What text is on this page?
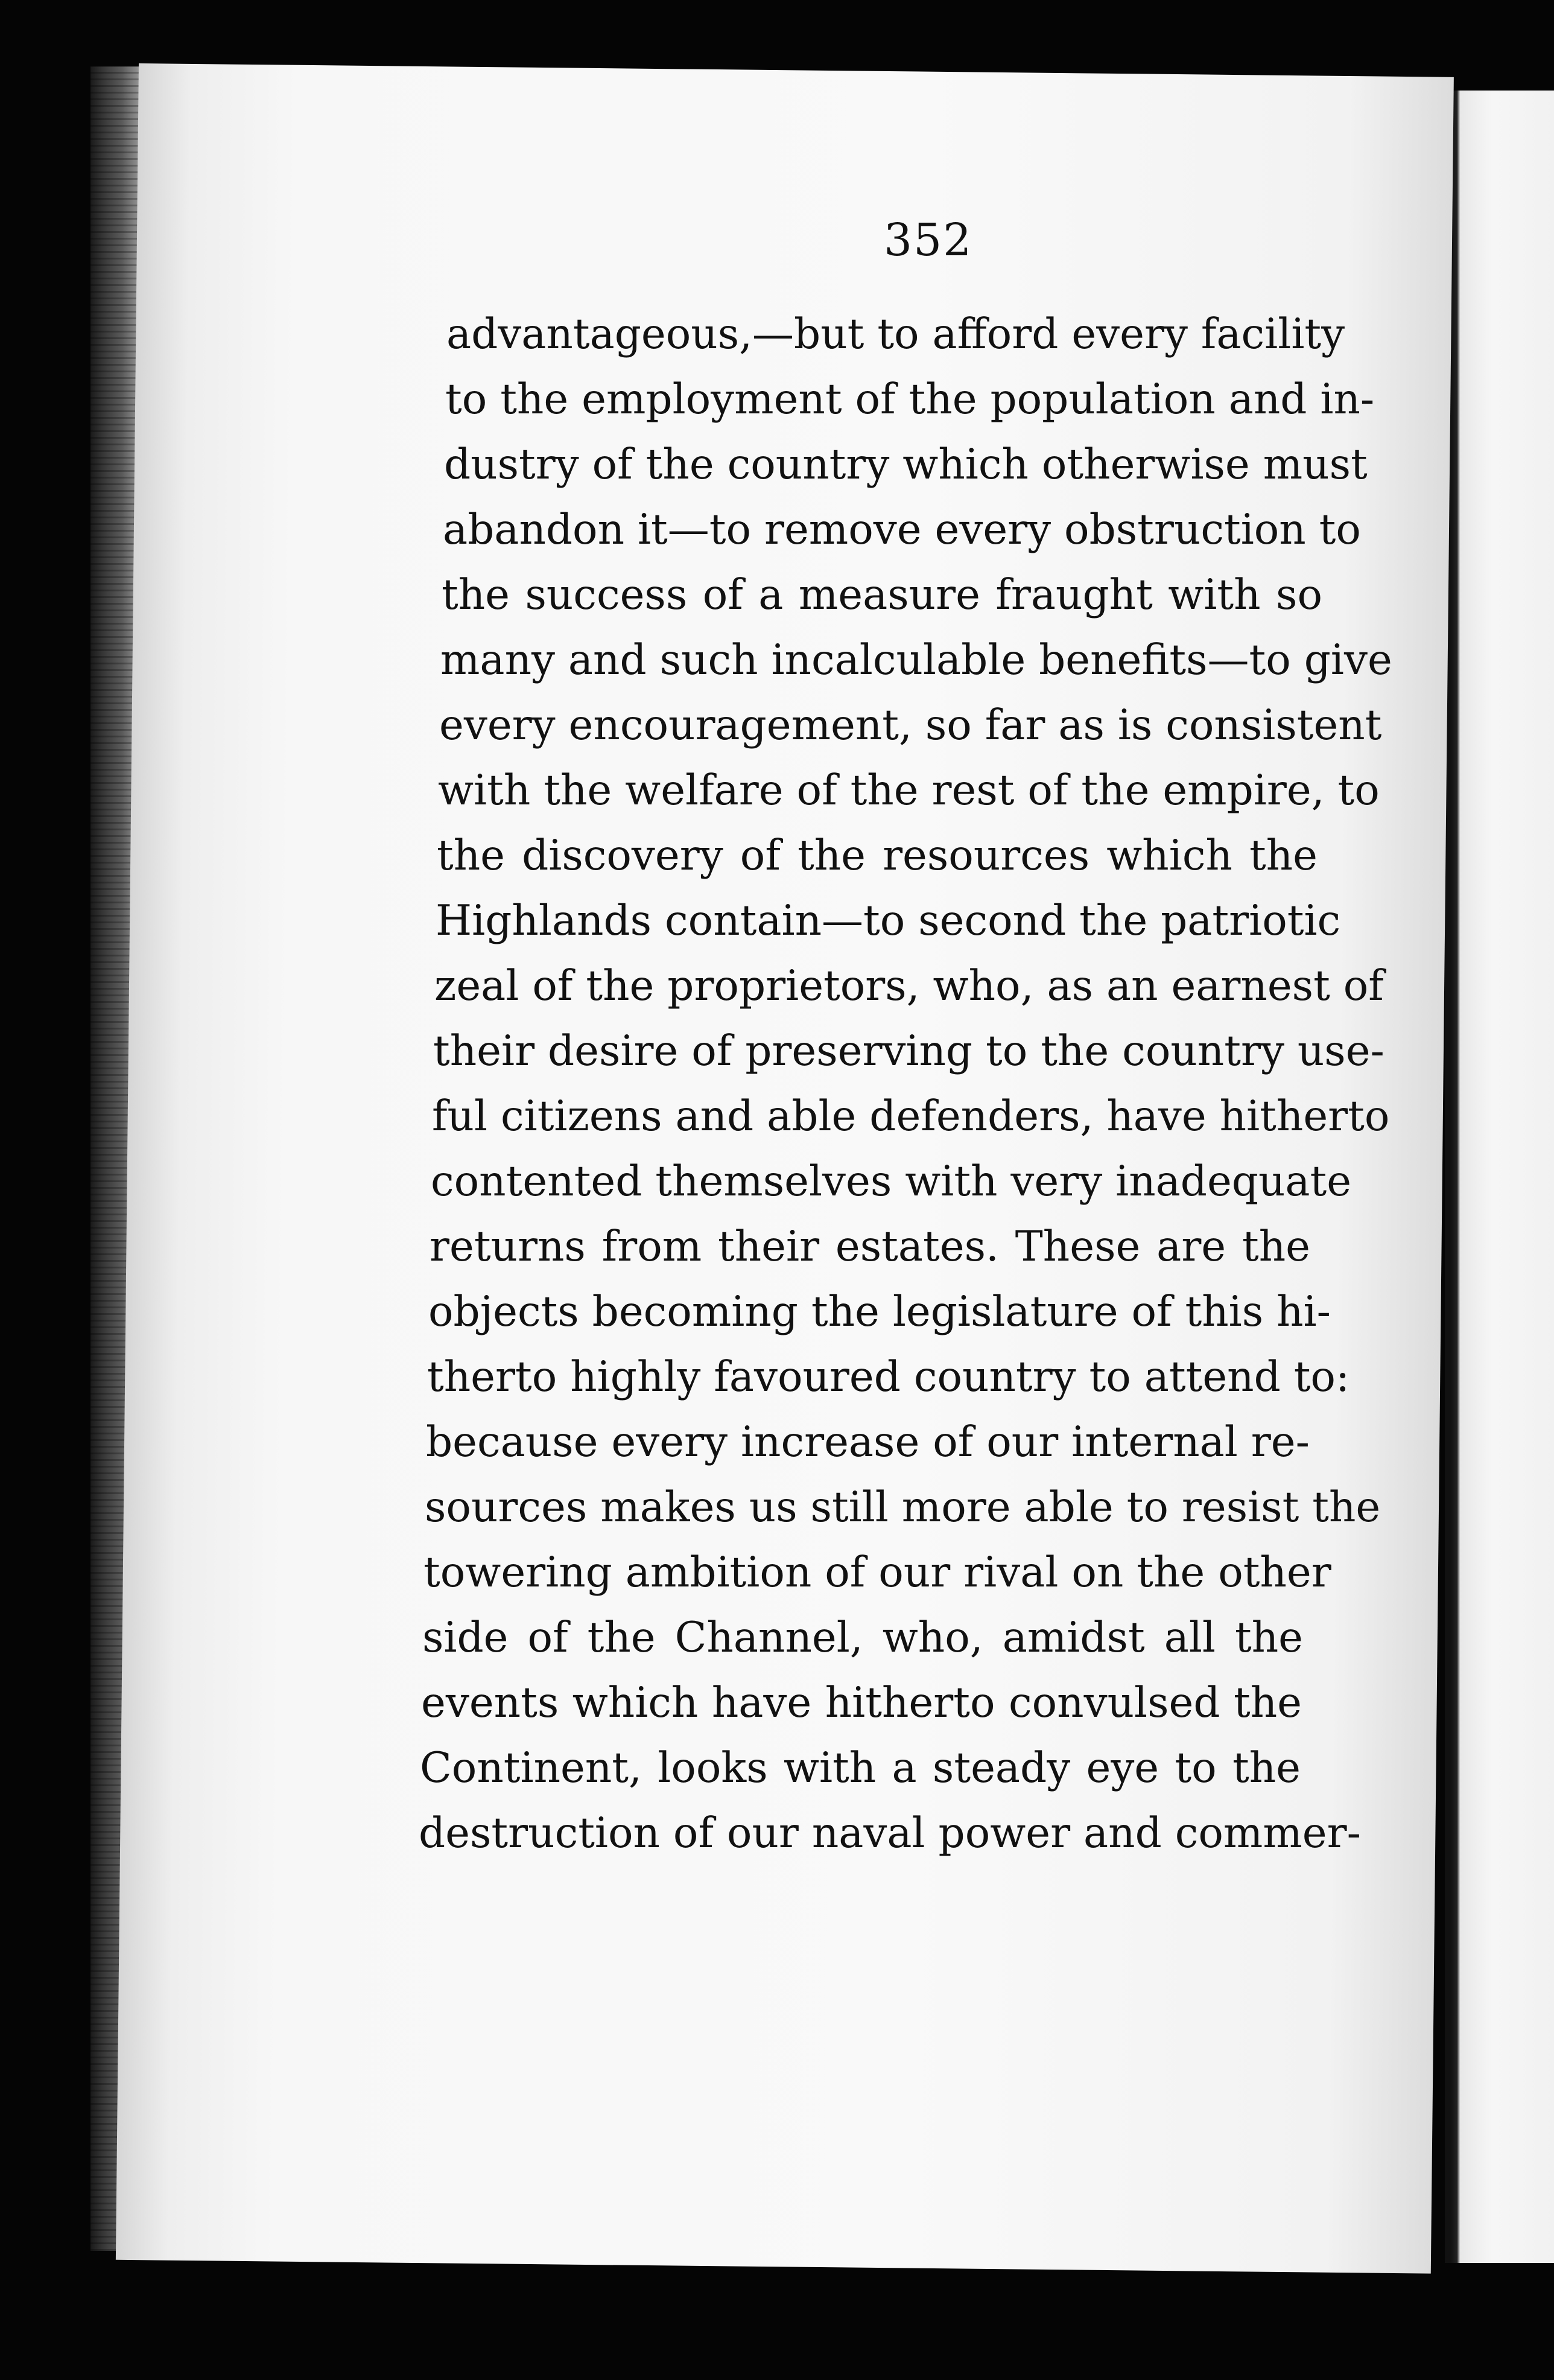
352
advantageous,—but to afford every facility
to the employment of the population and in-
dustry of the country which otherwise must
abandon it—to remove every obstruction to
the success of a measure fraught with so
many and such incalculable benefits—to give
every encouragement, so far as is consistent
with the welfare of the rest of the empire, to
the discovery of the resources which the
Highlands contain—to second the patriotic
zeal of the proprietors, who, as an earnest of
their desire of preserving to the country use-
ful citizens and able defenders, have hitherto
contented themselves with very inadequate
returns from their estates. These are the
objects becoming the legislature of this hi-
therto highly favoured country to attend to:
because every increase of our internal re-
sources makes us still more able to resist the
towering ambition of our rival on the other
side of the Channel, who, amidst all the
events which have hitherto convulsed the
Continent, looks with a steady eye to the
destruction of our naval power and commer-
